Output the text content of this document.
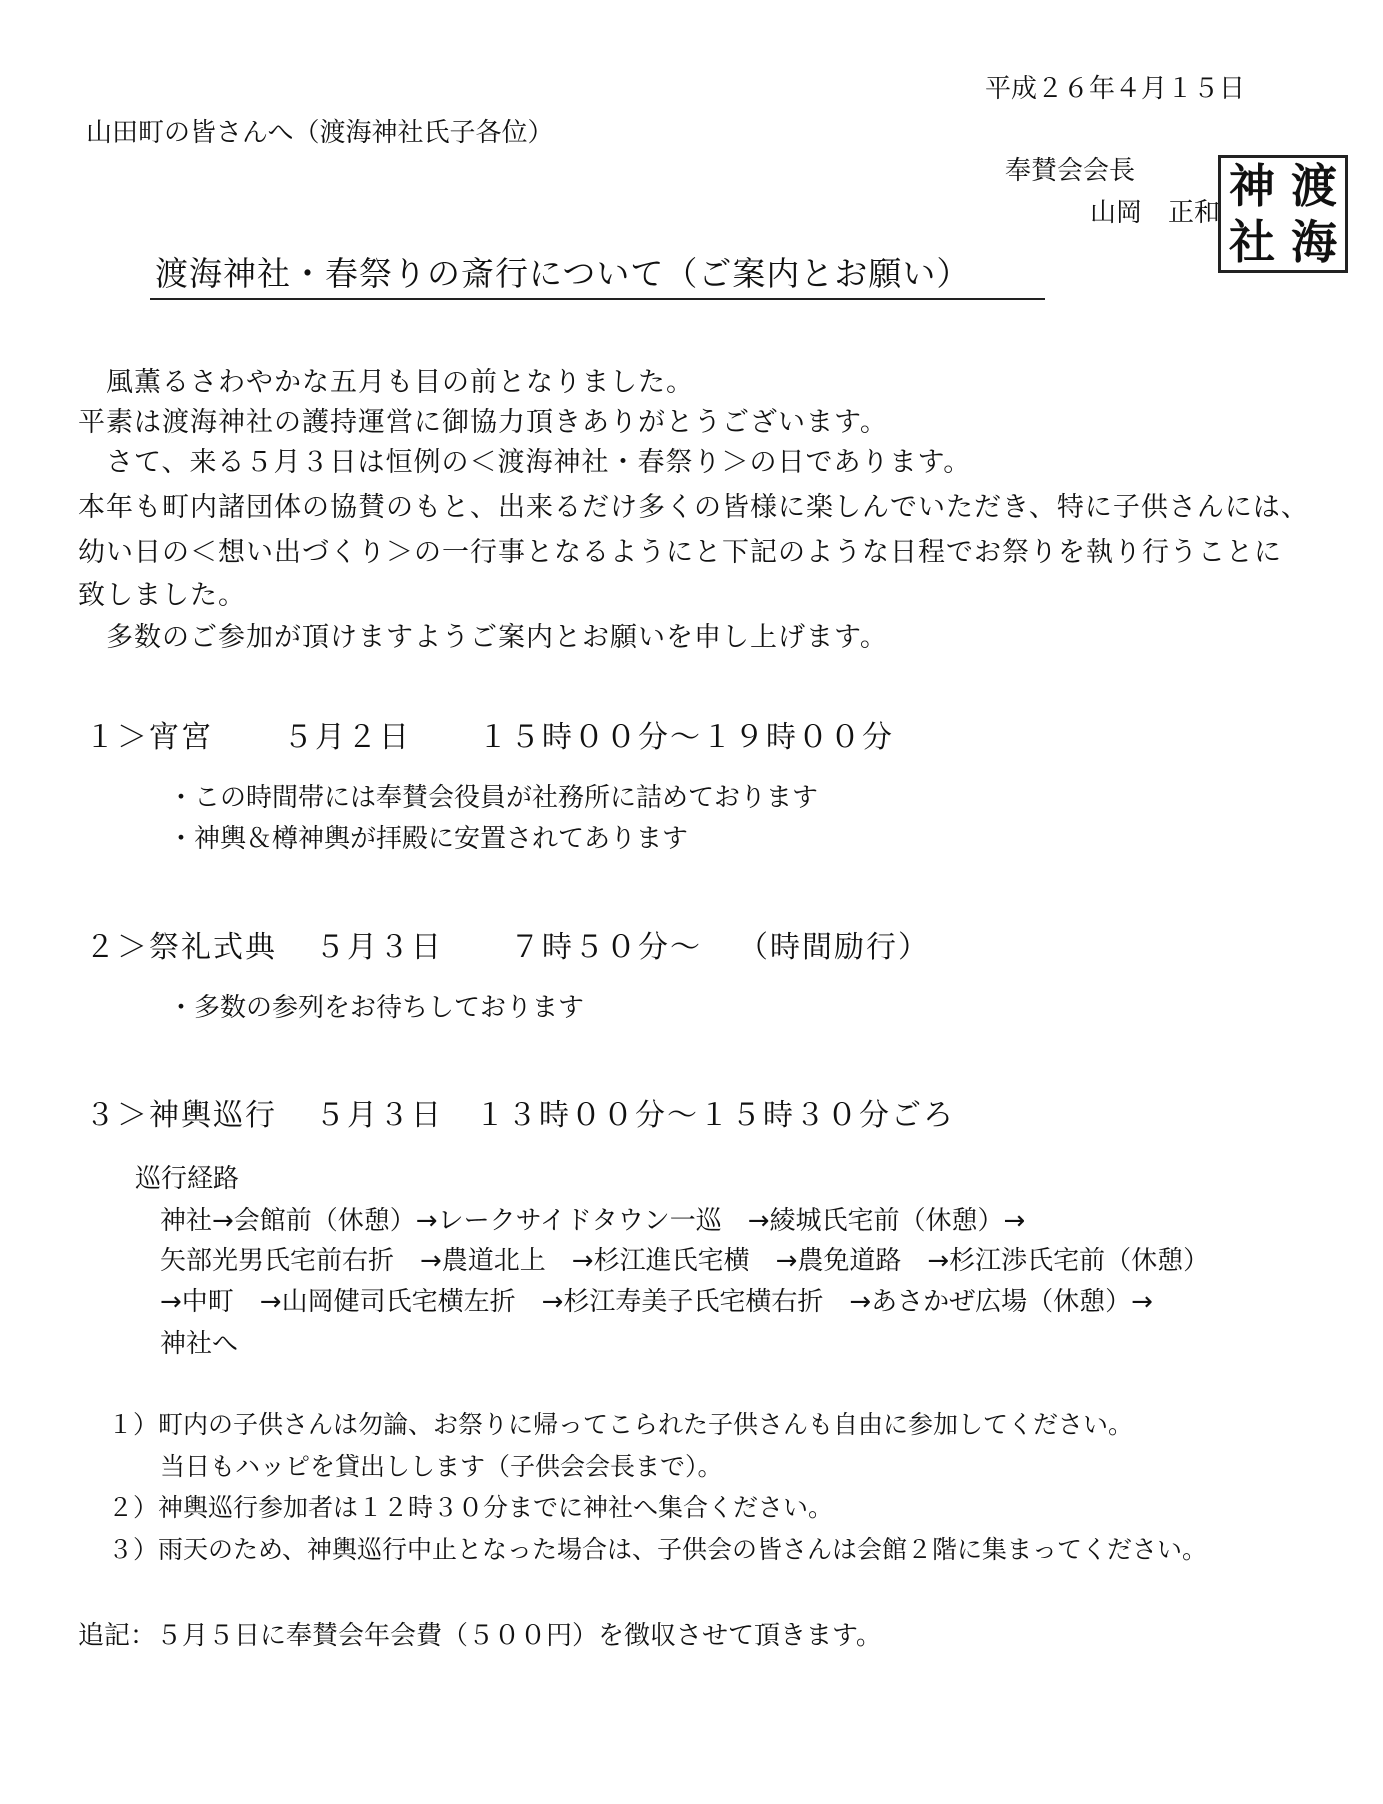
平成２６年４月１５日
山田町の皆さんへ（渡海神社氏子各位）
奉賛会会長
山岡　正和 神 渡
社 海
渡海神社・春祭りの斎行について（ご案内とお願い）
　風薫るさわやかな五月も目の前となりました。
平素は渡海神社の護持運営に御協力頂きありがとうございます。
　さて、来る５月３日は恒例の＜渡海神社・春祭り＞の日であります。
本年も町内諸団体の協賛のもと、出来るだけ多くの皆様に楽しんでいただき、特に子供さんには、
幼い日の＜想い出づくり＞の一行事となるようにと下記のような日程でお祭りを執り行うことに
致しました。
　多数のご参加が頂けますようご案内とお願いを申し上げます。
１＞宵宮 ５月２日 １５時００分～１９時００分
・この時間帯には奉賛会役員が社務所に詰めております
・神輿＆樽神輿が拝殿に安置されてあります
２＞祭礼式典 ５月３日 ７時５０分～ （時間励行）
・多数の参列をお待ちしております
３＞神輿巡行 ５月３日 １３時００分～１５時３０分ごろ
巡行経路
神社→会館前（休憩）→レークサイドタウン一巡　→綾城氏宅前（休憩）→
矢部光男氏宅前右折　→農道北上　→杉江進氏宅横　→農免道路　→杉江渉氏宅前（休憩）
→中町　→山岡健司氏宅横左折　→杉江寿美子氏宅横右折　→あさかぜ広場（休憩）→
神社へ
１）町内の子供さんは勿論、お祭りに帰ってこられた子供さんも自由に参加してください。
当日もハッピを貸出しします（子供会会長まで）。
２）神輿巡行参加者は１２時３０分までに神社へ集合ください。
３）雨天のため、神輿巡行中止となった場合は、子供会の皆さんは会館２階に集まってください。
追記：５月５日に奉賛会年会費（５００円）を徴収させて頂きます。
